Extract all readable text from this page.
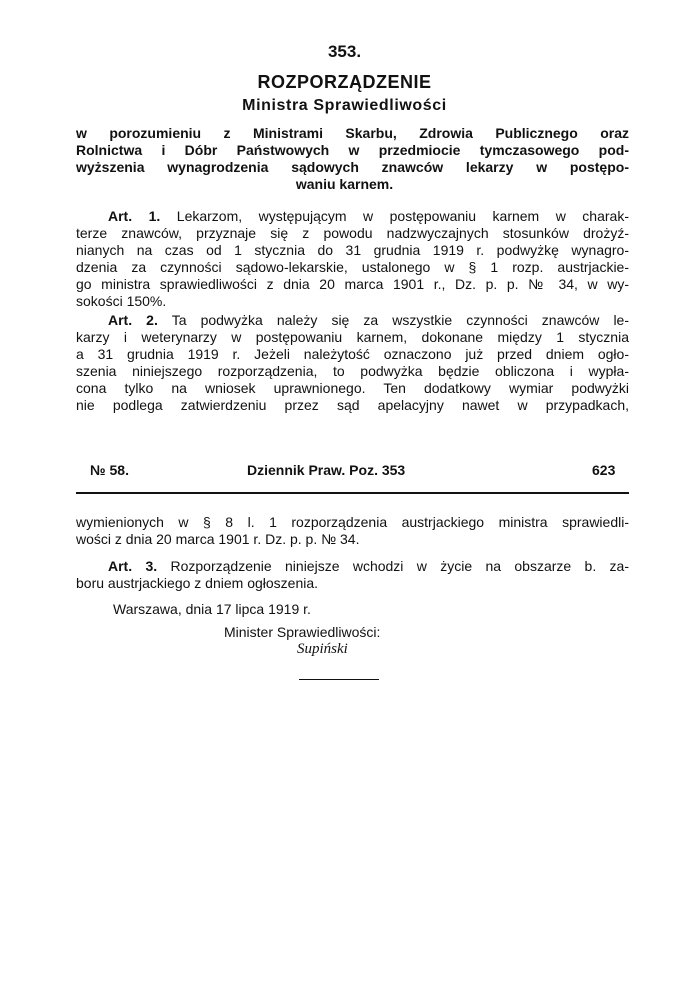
353.
ROZPORZĄDZENIE
Ministra Sprawiedliwości
w porozumieniu z Ministrami Skarbu, Zdrowia Publicznego oraz
Rolnictwa i Dóbr Państwowych w przedmiocie tymczasowego pod-
wyższenia wynagrodzenia sądowych znawców lekarzy w postępo-
waniu karnem.
Art. 1. Lekarzom, występującym w postępowaniu karnem w charak-
terze znawców, przyznaje się z powodu nadzwyczajnych stosunków drożyź-
nianych na czas od 1 stycznia do 31 grudnia 1919 r. podwyżkę wynagro-
dzenia za czynności sądowo-lekarskie, ustalonego w § 1 rozp. austrjackie-
go ministra sprawiedliwości z dnia 20 marca 1901 r., Dz. p. p. № 34, w wy-
sokości 150%.
Art. 2. Ta podwyżka należy się za wszystkie czynności znawców le-
karzy i weterynarzy w postępowaniu karnem, dokonane między 1 stycznia
a 31 grudnia 1919 r. Jeżeli należytość oznaczono już przed dniem ogło-
szenia niniejszego rozporządzenia, to podwyżka będzie obliczona i wypła-
cona tylko na wniosek uprawnionego. Ten dodatkowy wymiar podwyżki
nie podlega zatwierdzeniu przez sąd apelacyjny nawet w przypadkach,
№ 58.	Dziennik Praw. Poz. 353	623
wymienionych w § 8 l. 1 rozporządzenia austrjackiego ministra sprawiedli-
wości z dnia 20 marca 1901 r. Dz. p. p. № 34.
Art. 3. Rozporządzenie niniejsze wchodzi w życie na obszarze b. za-
boru austrjackiego z dniem ogłoszenia.
Warszawa, dnia 17 lipca 1919 r.
Minister Sprawiedliwości:
Supiński
